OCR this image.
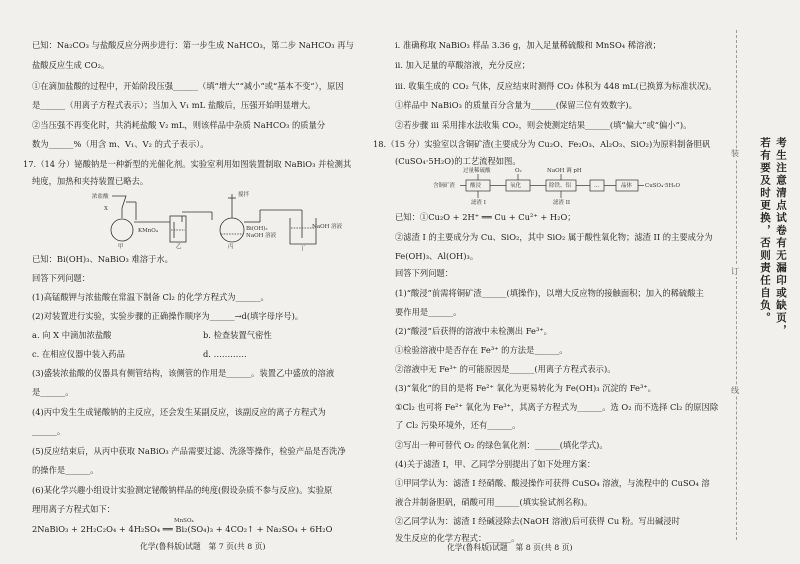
已知：Na₂CO₃ 与盐酸反应分两步进行：第一步生成 NaHCO₃，第二步 NaHCO₃ 再与
盐酸反应生成 CO₂。
①在滴加盐酸的过程中，开始阶段压强______（填“增大”“减小”或“基本不变”），原因
是______（用离子方程式表示）；当加入 V₁ mL 盐酸后，压强开始明显增大。
②当压强不再变化时，共消耗盐酸 V₂ mL，则该样品中杂质 NaHCO₃ 的质量分
数为______%（用含 m、V₁、V₂ 的式子表示）。
17.（14 分）铋酸钠是一种新型的光催化剂。实验室利用如图装置制取 NaBiO₃ 并检测其
纯度，加热和夹持装置已略去。
浓盐酸
X
甲
KMnO₄
乙
搅拌
Bi(OH)₃
NaOH 溶液
丙
NaOH 溶液
丁
已知：Bi(OH)₃、NaBiO₃ 难溶于水。
回答下列问题：
(1)高锰酸钾与浓盐酸在常温下制备 Cl₂ 的化学方程式为______。
(2)对装置进行实验，实验步骤的正确操作顺序为______→d(填字母序号)。
a. 向 X 中滴加浓盐酸	b. 检查装置气密性
c. 在相应仪器中装入药品	d. …………
(3)盛装浓盐酸的仪器具有侧管结构，该侧管的作用是______。装置乙中盛放的溶液
是______。
(4)丙中发生生成铋酸钠的主反应，还会发生某副反应，该副反应的离子方程式为
______。
(5)反应结束后，从丙中获取 NaBiO₃ 产品需要过滤、洗涤等操作，检验产品是否洗净
的操作是______。
(6)某化学兴趣小组设计实验测定铋酸钠样品的纯度(假设杂质不参与反应)。实验原
理用离子方程式如下：
MnSO₄
2NaBiO₃ + 2H₂C₂O₄ + 4H₂SO₄ ══ Bi₂(SO₄)₃ + 4CO₂↑ + Na₂SO₄ + 6H₂O
化学(鲁科版)试题　第 7 页(共 8 页)
i. 准确称取 NaBiO₃ 样品 3.36 g，加入足量稀硫酸和 MnSO₄ 稀溶液；
ii. 加入足量的草酸溶液，充分反应；
iii. 收集生成的 CO₂ 气体，反应结束时测得 CO₂ 体积为 448 mL(已换算为标准状况)。
①样品中 NaBiO₃ 的质量百分含量为______(保留三位有效数字)。
②若步骤 iii 采用排水法收集 CO₂，则会使测定结果______(填“偏大”或“偏小”)。
18.（15 分）实验室以含铜矿渣(主要成分为 Cu₂O、Fe₂O₃、Al₂O₃、SiO₂)为原料制备胆矾
(CuSO₄·5H₂O)的工艺流程如图。
过量稀硫酸	O₂	NaOH 调 pH
含铜矿渣	酸浸	氧化	除铁、铝	…	晶体 CuSO₄·5H₂O
滤渣 I	滤渣 II
已知：①Cu₂O + 2H⁺ ══ Cu + Cu²⁺ + H₂O；
②滤渣 I 的主要成分为 Cu、SiO₂，其中 SiO₂ 属于酸性氧化物；滤渣 II 的主要成分为
Fe(OH)₃、Al(OH)₃。
回答下列问题：
(1)“酸浸”前需将铜矿渣______(填操作)，以增大反应物的接触面积；加入的稀硫酸主
要作用是______。
(2)“酸浸”后获得的溶液中未检测出 Fe³⁺。
①检验溶液中是否存在 Fe³⁺ 的方法是______。
②溶液中无 Fe³⁺ 的可能原因是______(用离子方程式表示)。
(3)“氧化”的目的是将 Fe²⁺ 氧化为更易转化为 Fe(OH)₃ 沉淀的 Fe³⁺。
①Cl₂ 也可将 Fe²⁺ 氧化为 Fe³⁺，其离子方程式为______。选 O₂ 而不选择 Cl₂ 的原因除
了 Cl₂ 污染环境外，还有______。
②写出一种可替代 O₂ 的绿色氧化剂：______(填化学式)。
(4)关于滤渣 I，甲、乙同学分别提出了如下处理方案：
①甲同学认为：滤渣 I 经硝酸、酸浸操作可获得 CuSO₄ 溶液，与流程中的 CuSO₄ 溶
液合并制备胆矾，硝酸可用______(填实验试剂名称)。
②乙同学认为：滤渣 I 经碱浸除去(NaOH 溶液)后可获得 Cu 粉。写出碱浸时
发生反应的化学方程式：______。
化学(鲁科版)试题　第 8 页(共 8 页)
装
订
线
考生注意清点试卷有无漏印或缺页，
若有要及时更换，否则责任自负。
